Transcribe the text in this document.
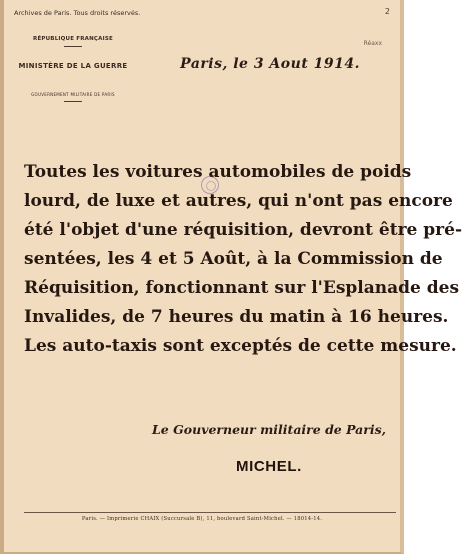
Archives de Paris. Tous droits réservés.	2
Réaxx
RÉPUBLIQUE FRANÇAISE
MINISTÈRE DE LA GUERRE
GOUVERNEMENT MILITAIRE DE PARIS
Paris, le 3 Aout 1914.
Toutes les voitures automobiles de poids
lourd, de luxe et autres, qui n'ont pas encore
été l'objet d'une réquisition, devront être pré-
sentées, les 4 et 5 Août, à la Commission de
Réquisition, fonctionnant sur l'Esplanade des
Invalides, de 7 heures du matin à 16 heures.
Les auto-taxis sont exceptés de cette mesure.
Le Gouverneur militaire de Paris,
MICHEL.
Paris. — Imprimerie CHAIX (Succursale B), 11, boulevard Saint-Michel. — 18014-14.
